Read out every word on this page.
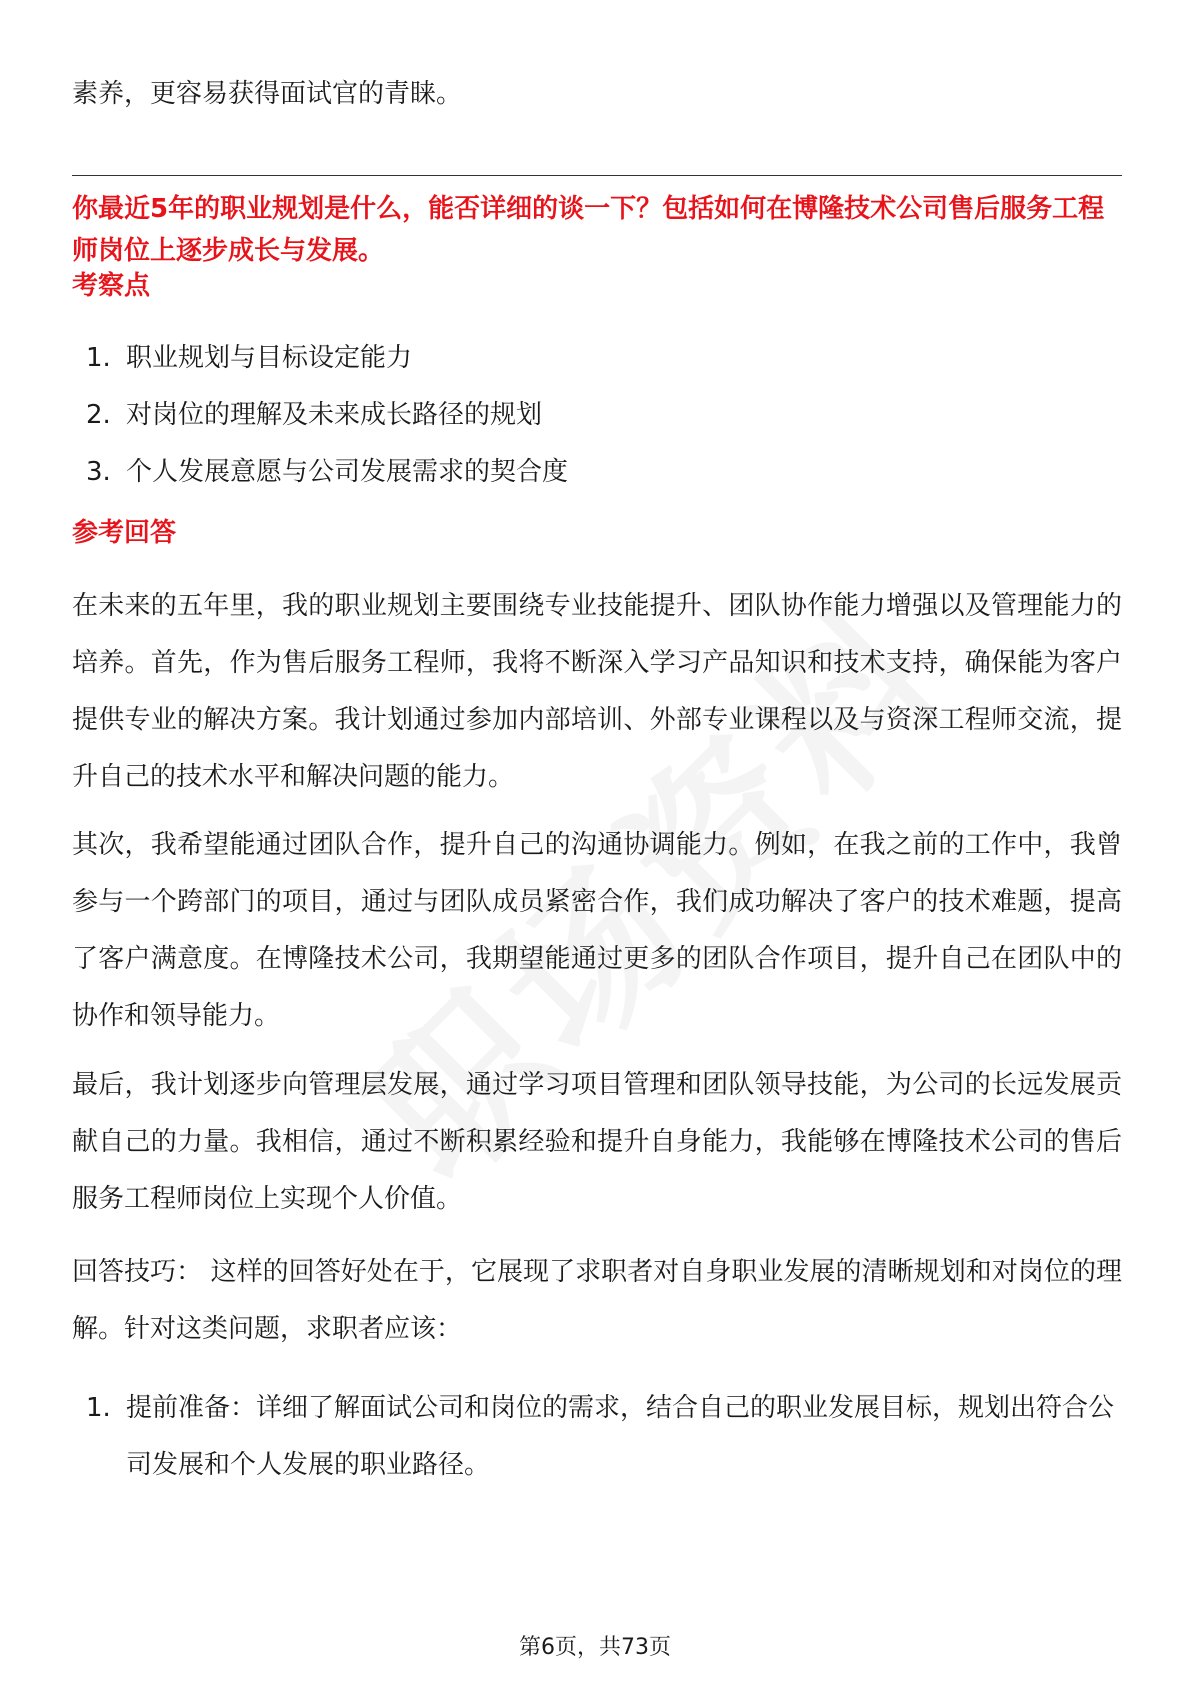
素养，更容易获得面试官的青睐。

你最近5年的职业规划是什么，能否详细的谈一下？包括如何在博隆技术公司售后服务工程师岗位上逐步成长与发展。

考察点

1. 职业规划与目标设定能力
2. 对岗位的理解及未来成长路径的规划
3. 个人发展意愿与公司发展需求的契合度

参考回答

在未来的五年里，我的职业规划主要围绕专业技能提升、团队协作能力增强以及管理能力的培养。首先，作为售后服务工程师，我将不断深入学习产品知识和技术支持，确保能为客户提供专业的解决方案。我计划通过参加内部培训、外部专业课程以及与资深工程师交流，提升自己的技术水平和解决问题的能力。

其次，我希望能通过团队合作，提升自己的沟通协调能力。例如，在我之前的工作中，我曾参与一个跨部门的项目，通过与团队成员紧密合作，我们成功解决了客户的技术难题，提高了客户满意度。在博隆技术公司，我期望能通过更多的团队合作项目，提升自己在团队中的协作和领导能力。

最后，我计划逐步向管理层发展，通过学习项目管理和团队领导技能，为公司的长远发展贡献自己的力量。我相信，通过不断积累经验和提升自身能力，我能够在博隆技术公司的售后服务工程师岗位上实现个人价值。

回答技巧： 这样的回答好处在于，它展现了求职者对自身职业发展的清晰规划和对岗位的理解。针对这类问题，求职者应该：

1. 提前准备：详细了解面试公司和岗位的需求，结合自己的职业发展目标，规划出符合公司发展和个人发展的职业路径。
第6页，共73页
